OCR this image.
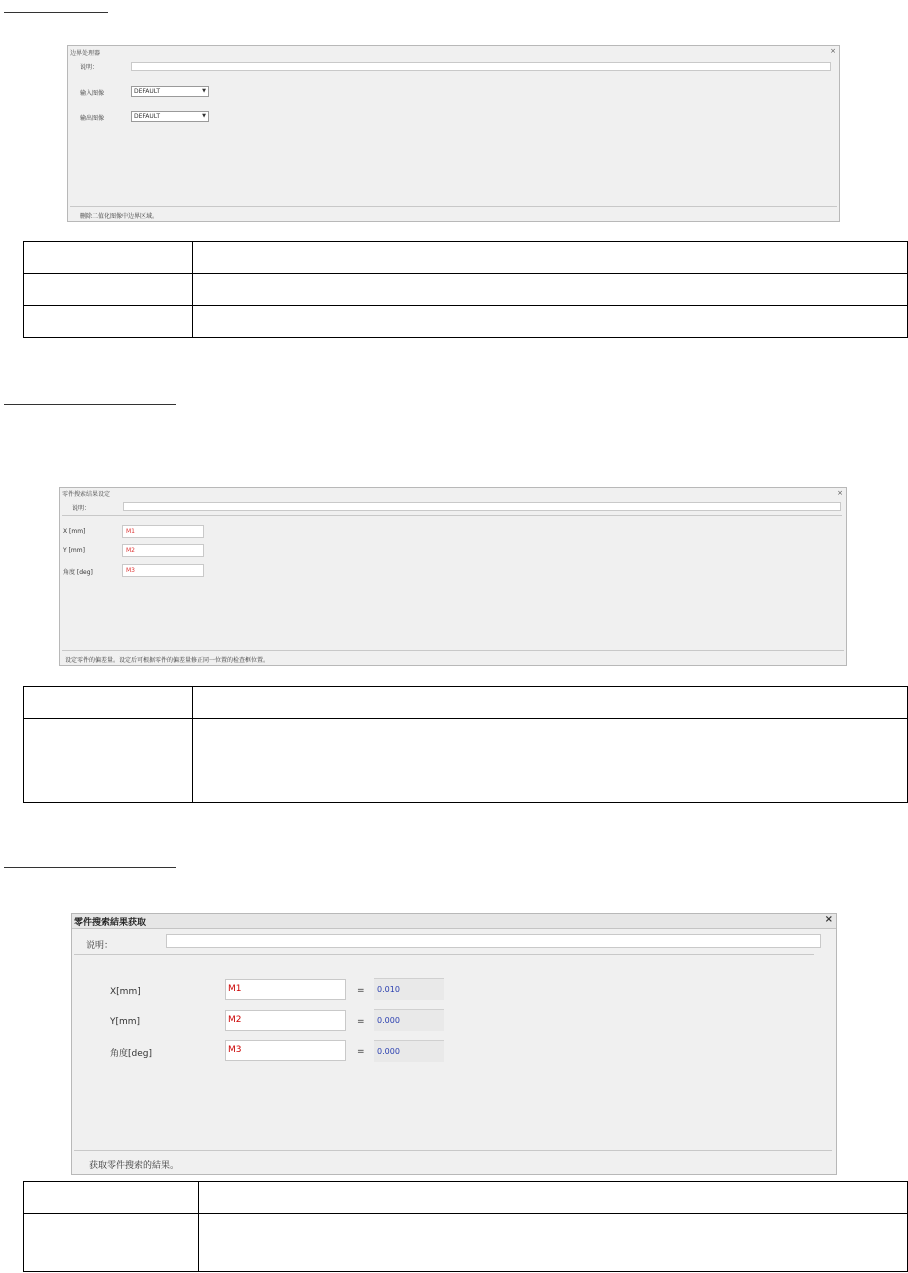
边界处理器	×
说明：
输入图像	DEFAULT	▼
输出图像	DEFAULT	▼
删除二值化图像中边界区域。

零件搜索结果设定	×
说明：
X [mm]	M1
Y [mm]	M2
角度 [deg]	M3
设定零件的偏差量。设定后可根据零件的偏差量修正同一位置的检查框位置。

零件搜索結果获取	×
说明：
X[mm]	M1	= 0.010
Y[mm]	M2	= 0.000
角度[deg]	M3	= 0.000
获取零件搜索的結果。
